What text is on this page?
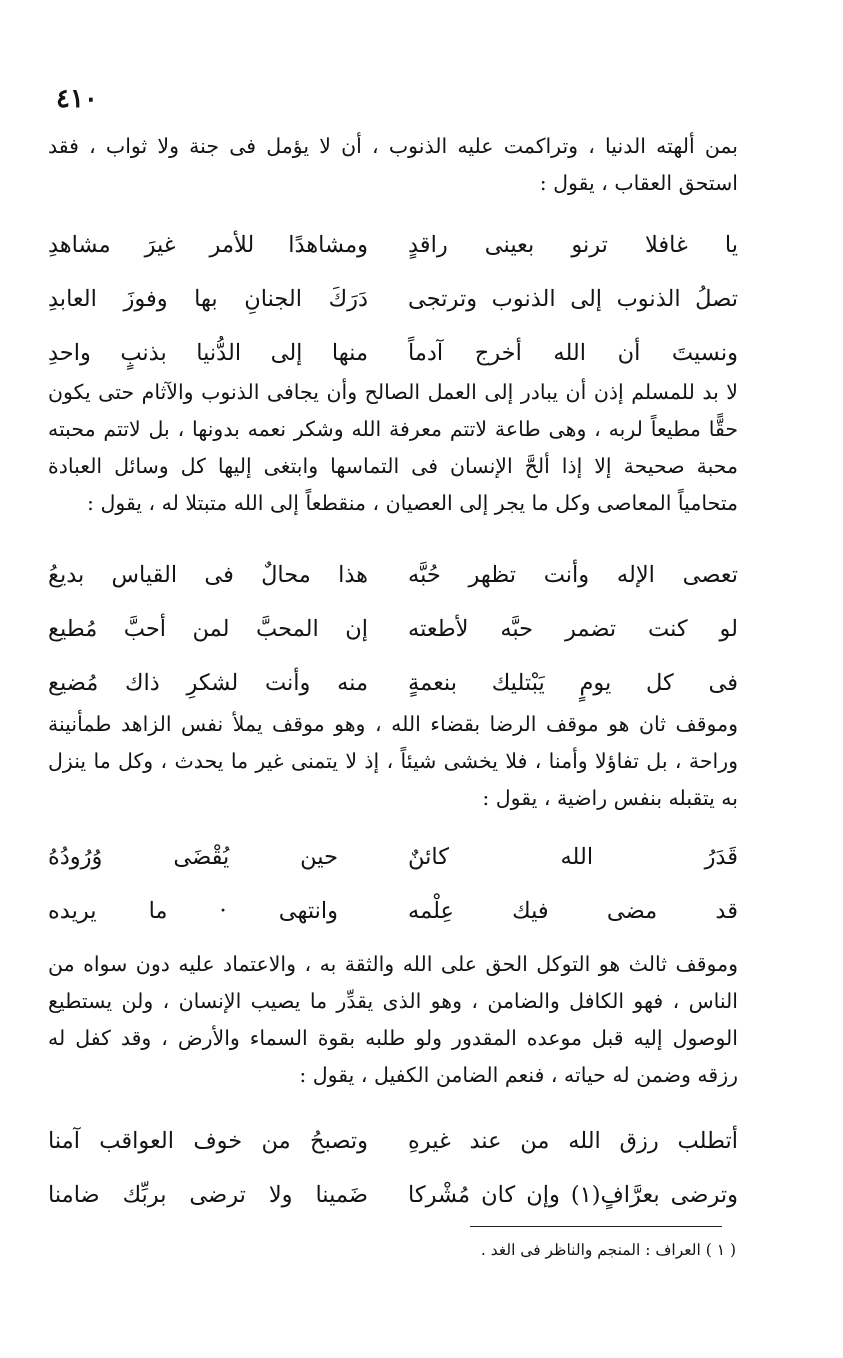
٤١٠

بمن ألهته الدنيا ، وتراكمت عليه الذنوب ، أن لا يؤمل فى جنة ولا ثواب ، فقد استحق العقاب ، يقول :

يا غافلا ترنو بعينى راقدٍ
ومشاهدًا للأمر غيرَ مشاهدِ
تصلُ الذنوب إلى الذنوب وترتجى
دَرَكَ الجنانِ بها وفوزَ العابدِ
ونسيتَ أن الله أخرج آدماً
منها إلى الدُّنيا بذنبٍ واحدِ

لا بد للمسلم إذن أن يبادر إلى العمل الصالح وأن يجافى الذنوب والآثام حتى يكون حقًّا مطيعاً لربه ، وهى طاعة لاتتم معرفة الله وشكر نعمه بدونها ، بل لاتتم محبته محبة صحيحة إلا إذا ألحَّ الإنسان فى التماسها وابتغى إليها كل وسائل العبادة متحامياً المعاصى وكل ما يجر إلى العصيان ، منقطعاً إلى الله متبتلا له ، يقول :

تعصى الإله وأنت تظهر حُبَّه
هذا محالٌ فى القياس بديعُ
لو كنت تضمر حبَّه لأطعته
إن المحبَّ لمن أحبَّ مُطيع
فى كل يومٍ يَبْتليك بنعمةٍ
منه وأنت لشكرِ ذاك مُضيع

وموقف ثان هو موقف الرضا بقضاء الله ، وهو موقف يملأ نفس الزاهد طمأنينة وراحة ، بل تفاؤلا وأمنا ، فلا يخشى شيئاً ، إذ لا يتمنى غير ما يحدث ، وكل ما ينزل به يتقبله بنفس راضية ، يقول :

قَدَرُ الله كائنٌ
حين يُقْضَى وُرُودُهُ
قد مضى فيك عِلْمه
وانتهى · ما يريده

وموقف ثالث هو التوكل الحق على الله والثقة به ، والاعتماد عليه دون سواه من الناس ، فهو الكافل والضامن ، وهو الذى يقدِّر ما يصيب الإنسان ، ولن يستطيع الوصول إليه قبل موعده المقدور ولو طلبه بقوة السماء والأرض ، وقد كفل له رزقه وضمن له حياته ، فنعم الضامن الكفيل ، يقول :

أتطلب رزق الله من عند غيرهِ
وتصبحُ من خوف العواقب آمنا
وترضى بعرَّافٍ(١) وإن كان مُشْركا
ضَمينا ولا ترضى بربِّك ضامنا
( ١ ) العراف : المنجم والناظر فى الغد .
